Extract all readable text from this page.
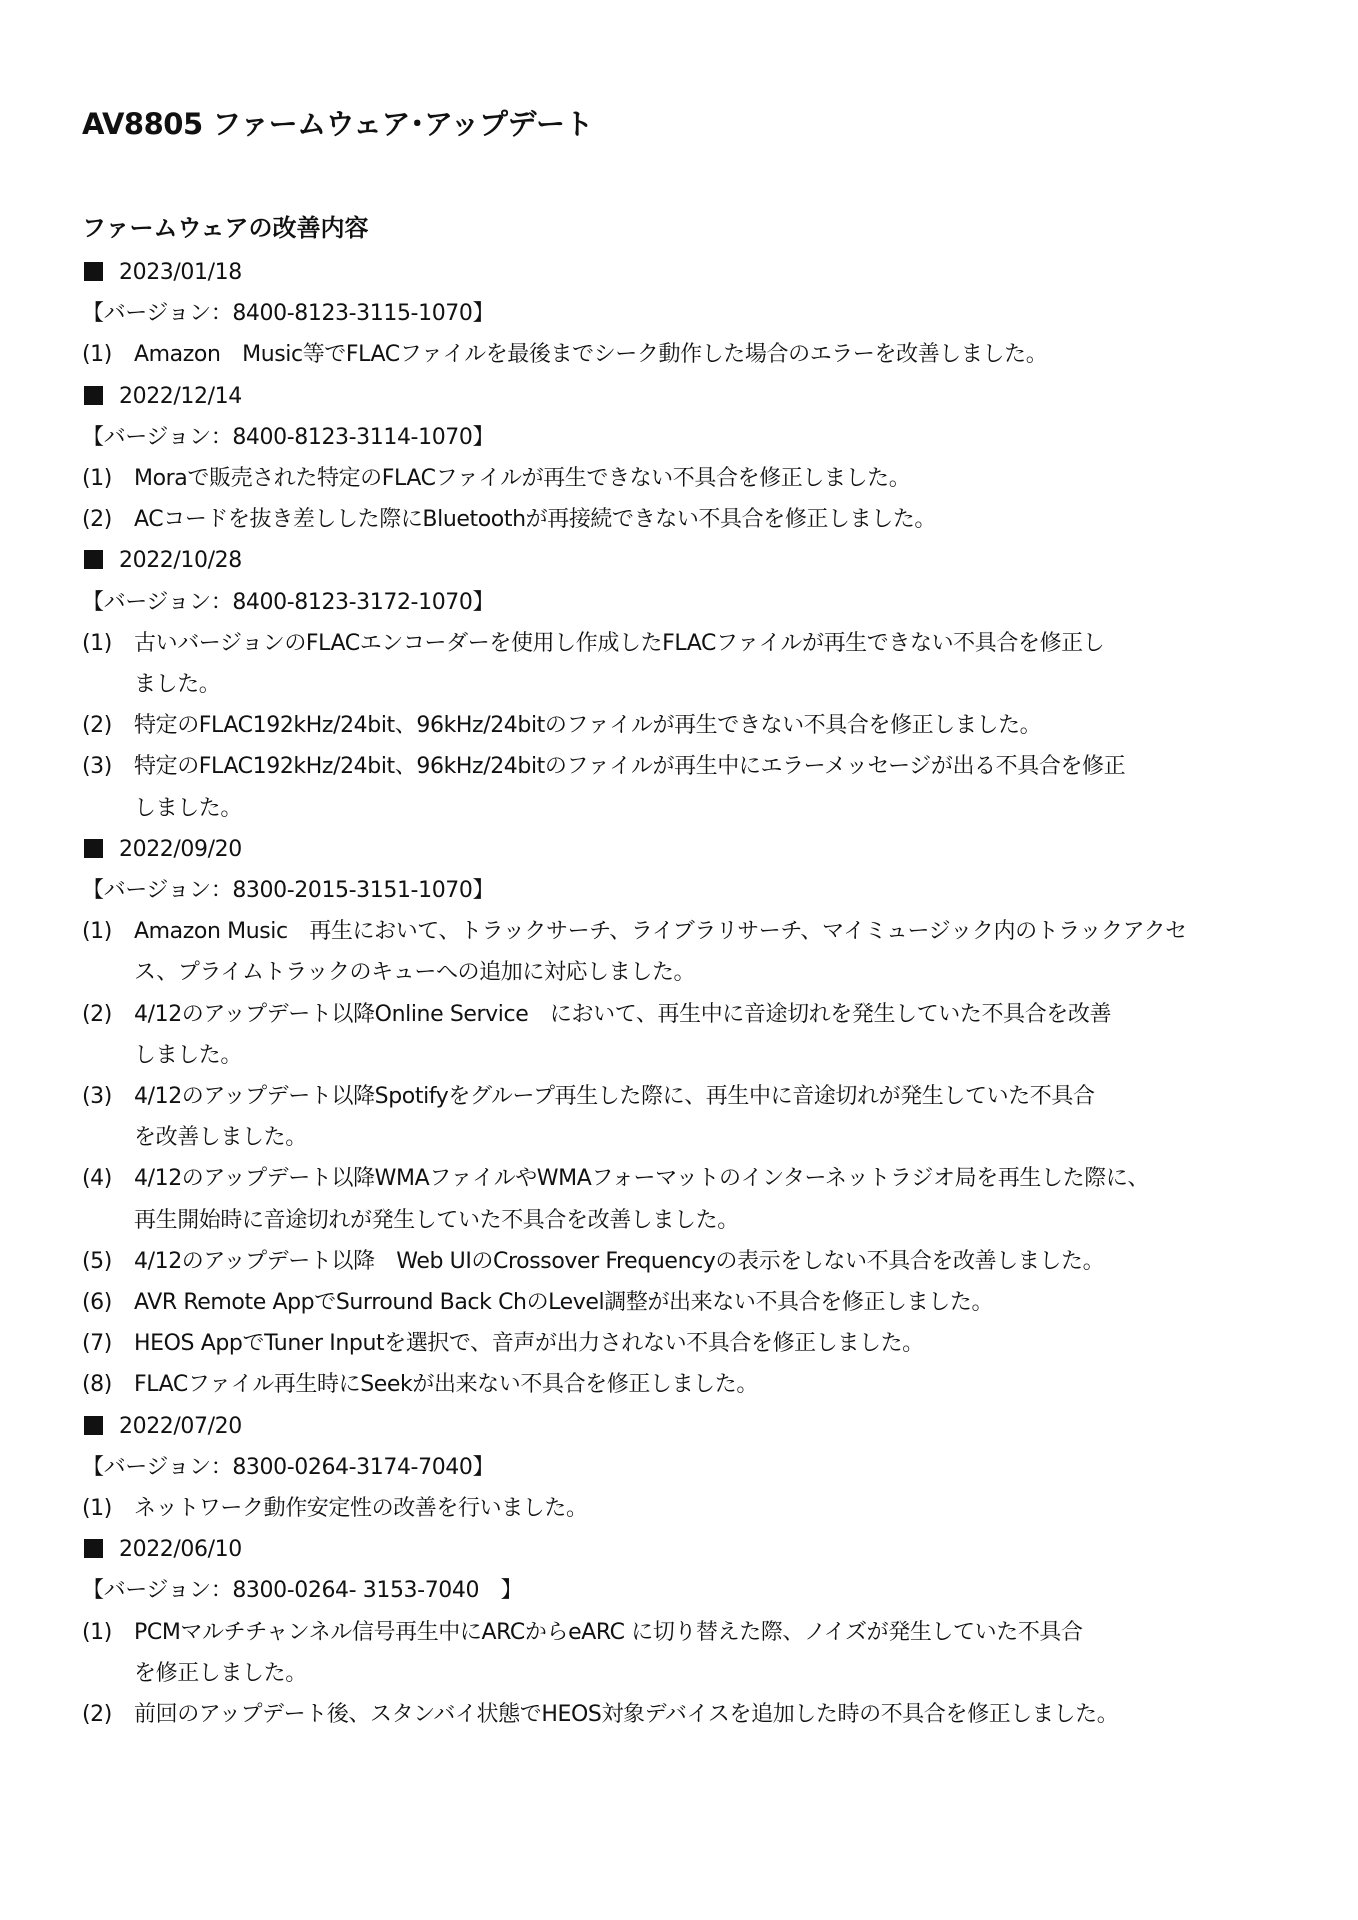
AV8805 ファームウェア･アップデート
ファームウェアの改善内容
2023/01/18
【バージョン：8400-8123-3115-1070】
(1) Amazon　Music等でFLACファイルを最後までシーク動作した場合のエラーを改善しました。
2022/12/14
【バージョン：8400-8123-3114-1070】
(1) Moraで販売された特定のFLACファイルが再生できない不具合を修正しました。
(2) ACコードを抜き差しした際にBluetoothが再接続できない不具合を修正しました。
2022/10/28
【バージョン：8400-8123-3172-1070】
(1) 古いバージョンのFLACエンコーダーを使用し作成したFLACファイルが再生できない不具合を修正し
ました。
(2) 特定のFLAC192kHz/24bit、96kHz/24bitのファイルが再生できない不具合を修正しました。
(3) 特定のFLAC192kHz/24bit、96kHz/24bitのファイルが再生中にエラーメッセージが出る不具合を修正
しました。
2022/09/20
【バージョン：8300-2015-3151-1070】
(1) Amazon Music　再生において、トラックサーチ、ライブラリサーチ、マイミュージック内のトラックアクセ
ス、プライムトラックのキューへの追加に対応しました。
(2) 4/12のアップデート以降Online Service　において、再生中に音途切れを発生していた不具合を改善
しました。
(3) 4/12のアップデート以降Spotifyをグループ再生した際に、再生中に音途切れが発生していた不具合
を改善しました。
(4) 4/12のアップデート以降WMAファイルやWMAフォーマットのインターネットラジオ局を再生した際に、
再生開始時に音途切れが発生していた不具合を改善しました。
(5) 4/12のアップデート以降　Web UIのCrossover Frequencyの表示をしない不具合を改善しました。
(6) AVR Remote AppでSurround Back ChのLevel調整が出来ない不具合を修正しました。
(7) HEOS AppでTuner Inputを選択で、音声が出力されない不具合を修正しました。
(8) FLACファイル再生時にSeekが出来ない不具合を修正しました。
2022/07/20
【バージョン：8300-0264-3174-7040】
(1) ネットワーク動作安定性の改善を行いました。
2022/06/10
【バージョン：8300-0264- 3153-7040　】
(1) PCMマルチチャンネル信号再生中にARCからeARC に切り替えた際、ノイズが発生していた不具合
を修正しました。
(2) 前回のアップデート後、スタンバイ状態でHEOS対象デバイスを追加した時の不具合を修正しました。
